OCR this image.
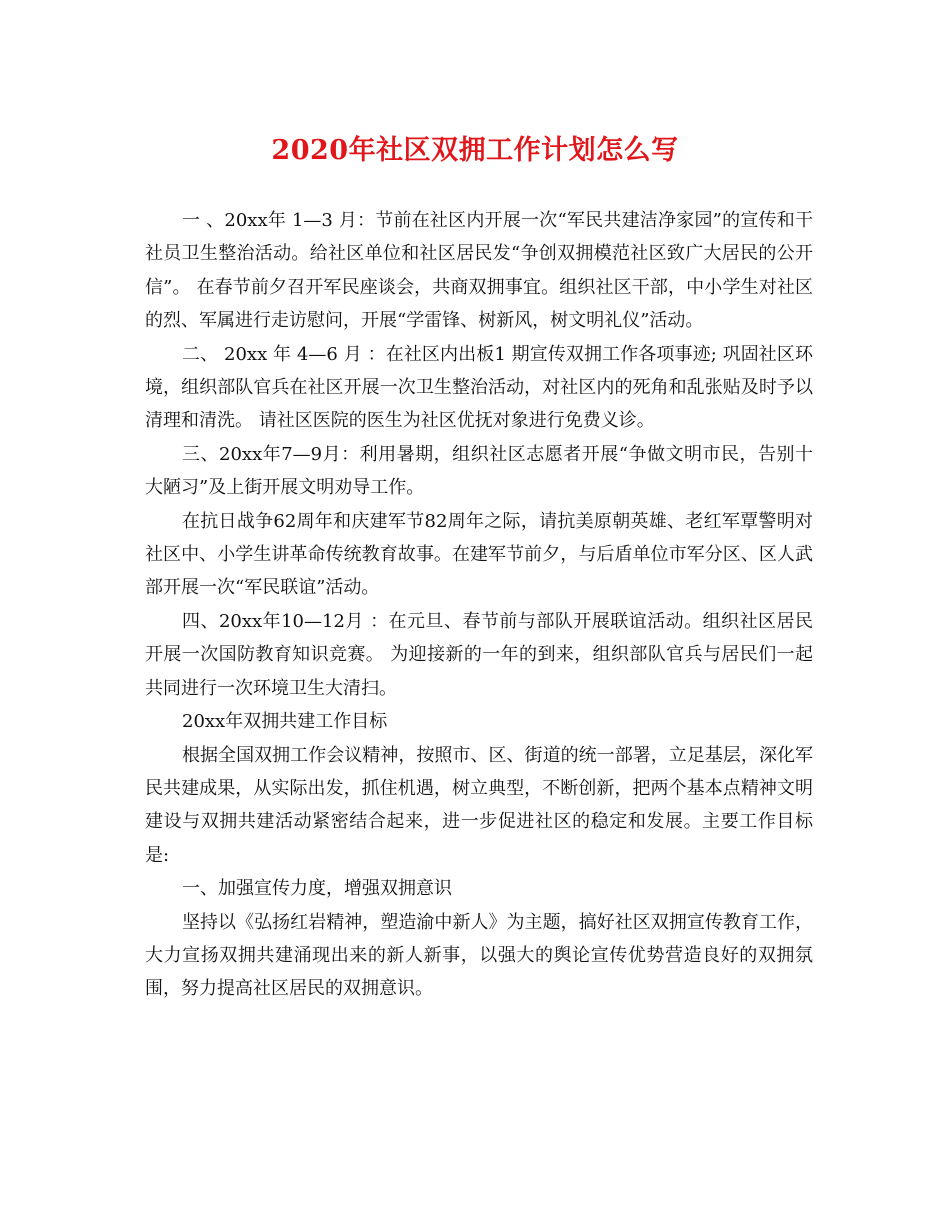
2020年社区双拥工作计划怎么写

一 、20xx年 1—3 月：节前在社区内开展一次“军民共建洁净家园”的宣传和干社员卫生整治活动。给社区单位和社区居民发“争创双拥模范社区致广大居民的公开信”。 在春节前夕召开军民座谈会，共商双拥事宜。组织社区干部，中小学生对社区的烈、军属进行走访慰问，开展“学雷锋、树新风，树文明礼仪”活动。

二、 20xx 年 4—6 月 ：在社区内出板1 期宣传双拥工作各项事迹; 巩固社区环境，组织部队官兵在社区开展一次卫生整治活动，对社区内的死角和乱张贴及时予以清理和清洗。 请社区医院的医生为社区优抚对象进行免费义诊。

三、20xx年7—9月：利用暑期，组织社区志愿者开展“争做文明市民，告别十大陋习”及上街开展文明劝导工作。

在抗日战争62周年和庆建军节82周年之际，请抗美原朝英雄、老红军覃警明对社区中、小学生讲革命传统教育故事。在建军节前夕，与后盾单位市军分区、区人武部开展一次“军民联谊”活动。

四、20xx年10—12月 ：在元旦、春节前与部队开展联谊活动。组织社区居民开展一次国防教育知识竞赛。 为迎接新的一年的到来，组织部队官兵与居民们一起共同进行一次环境卫生大清扫。

20xx年双拥共建工作目标

根据全国双拥工作会议精神，按照市、区、街道的统一部署，立足基层，深化军民共建成果，从实际出发，抓住机遇，树立典型，不断创新，把两个基本点精神文明建设与双拥共建活动紧密结合起来，进一步促进社区的稳定和发展。主要工作目标是:

一、加强宣传力度，增强双拥意识

坚持以《弘扬红岩精神，塑造渝中新人》为主题，搞好社区双拥宣传教育工作，大力宣扬双拥共建涌现出来的新人新事，以强大的舆论宣传优势营造良好的双拥氛围，努力提高社区居民的双拥意识。
